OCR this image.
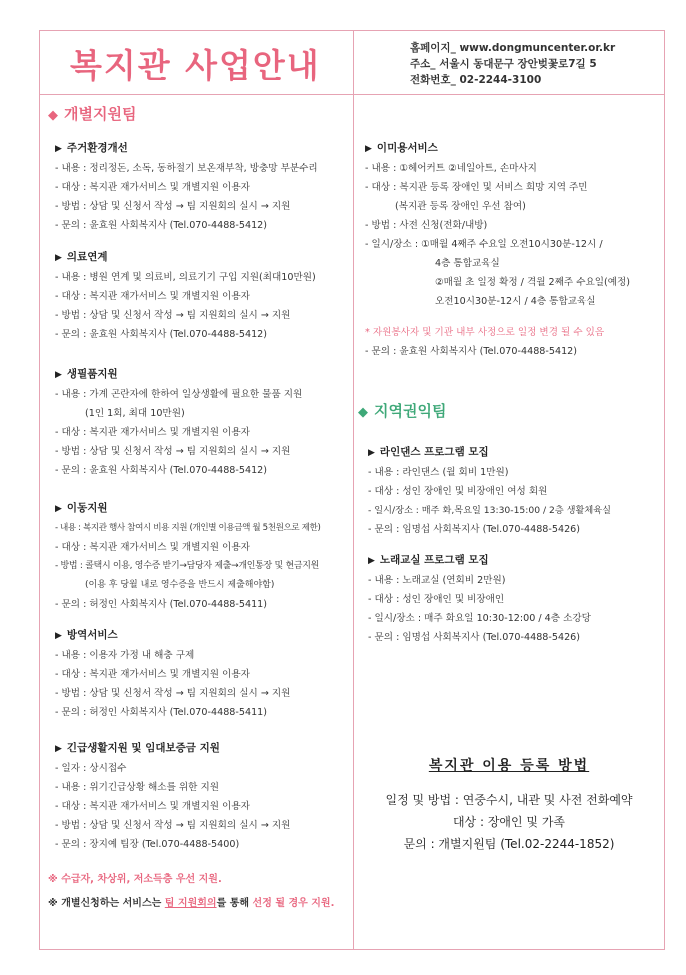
복지관 사업안내	홈페이지_ www.dongmuncenter.or.kr
주소_ 서울시 동대문구 장안벚꽃로7길 5
전화번호_ 02-2244-3100
◆ 개별지원팀
▶ 주거환경개선
- 내용 : 정리정돈, 소독, 동하절기 보온재부착, 방충망 부분수리
- 대상 : 복지관 재가서비스 및 개별지원 이용자
- 방법 : 상담 및 신청서 작성 → 팀 지원회의 실시 → 지원
- 문의 : 윤효원 사회복지사 (Tel.070-4488-5412)
▶ 의료연계
- 내용 : 병원 연계 및 의료비, 의료기기 구입 지원(최대10만원)
- 대상 : 복지관 재가서비스 및 개별지원 이용자
- 방법 : 상담 및 신청서 작성 → 팀 지원회의 실시 → 지원
- 문의 : 윤효원 사회복지사 (Tel.070-4488-5412)
▶ 생필품지원
- 내용 : 가계 곤란자에 한하여 일상생활에 필요한 물품 지원
(1인 1회, 최대 10만원)
- 대상 : 복지관 재가서비스 및 개별지원 이용자
- 방법 : 상담 및 신청서 작성 → 팀 지원회의 실시 → 지원
- 문의 : 윤효원 사회복지사 (Tel.070-4488-5412)
▶ 이동지원
- 내용 : 복지관 행사 참여시 비용 지원 (개인별 이용금액 월 5천원으로 제한)
- 대상 : 복지관 재가서비스 및 개별지원 이용자
- 방법 : 콜택시 이용, 영수증 받기→담당자 제출→개인통장 및 현금지원
(이용 후 당월 내로 영수증을 반드시 제출해야함)
- 문의 : 허정인 사회복지사 (Tel.070-4488-5411)
▶ 방역서비스
- 내용 : 이용자 가정 내 해충 구제
- 대상 : 복지관 재가서비스 및 개별지원 이용자
- 방법 : 상담 및 신청서 작성 → 팀 지원회의 실시 → 지원
- 문의 : 허정인 사회복지사 (Tel.070-4488-5411)
▶ 긴급생활지원 및 임대보증금 지원
- 일자 : 상시접수
- 내용 : 위기긴급상황 해소를 위한 지원
- 대상 : 복지관 재가서비스 및 개별지원 이용자
- 방법 : 상담 및 신청서 작성 → 팀 지원회의 실시 → 지원
- 문의 : 장지예 팀장 (Tel.070-4488-5400)
※ 수급자, 차상위, 저소득층 우선 지원.
※ 개별신청하는 서비스는 팀 지원회의를 통해 선정 될 경우 지원.
▶ 이미용서비스
- 내용 : ①헤어커트 ②네일아트, 손마사지
- 대상 : 복지관 등록 장애인 및 서비스 희망 지역 주민
(복지관 등록 장애인 우선 참여)
- 방법 : 사전 신청(전화/내방)
- 일시/장소 : ①매월 4째주 수요일 오전10시30분-12시 /
4층 통합교육실
②매월 초 일정 확정 / 격월 2째주 수요일(예정)
오전10시30분-12시 / 4층 통합교육실
* 자원봉사자 및 기관 내부 사정으로 일정 변경 될 수 있음
- 문의 : 윤효원 사회복지사 (Tel.070-4488-5412)
◆ 지역권익팀
▶ 라인댄스 프로그램 모집
- 내용 : 라인댄스 (월 회비 1만원)
- 대상 : 성인 장애인 및 비장애인 여성 회원
- 일시/장소 : 매주 화,목요일 13:30-15:00 / 2층 생활체육실
- 문의 : 임명섭 사회복지사 (Tel.070-4488-5426)
▶ 노래교실 프로그램 모집
- 내용 : 노래교실 (연회비 2만원)
- 대상 : 성인 장애인 및 비장애인
- 일시/장소 : 매주 화요일 10:30-12:00 / 4층 소강당
- 문의 : 임명섭 사회복지사 (Tel.070-4488-5426)
복지관 이용 등록 방법
일정 및 방법 : 연중수시, 내관 및 사전 전화예약
대상 : 장애인 및 가족
문의 : 개별지원팀 (Tel.02-2244-1852)
